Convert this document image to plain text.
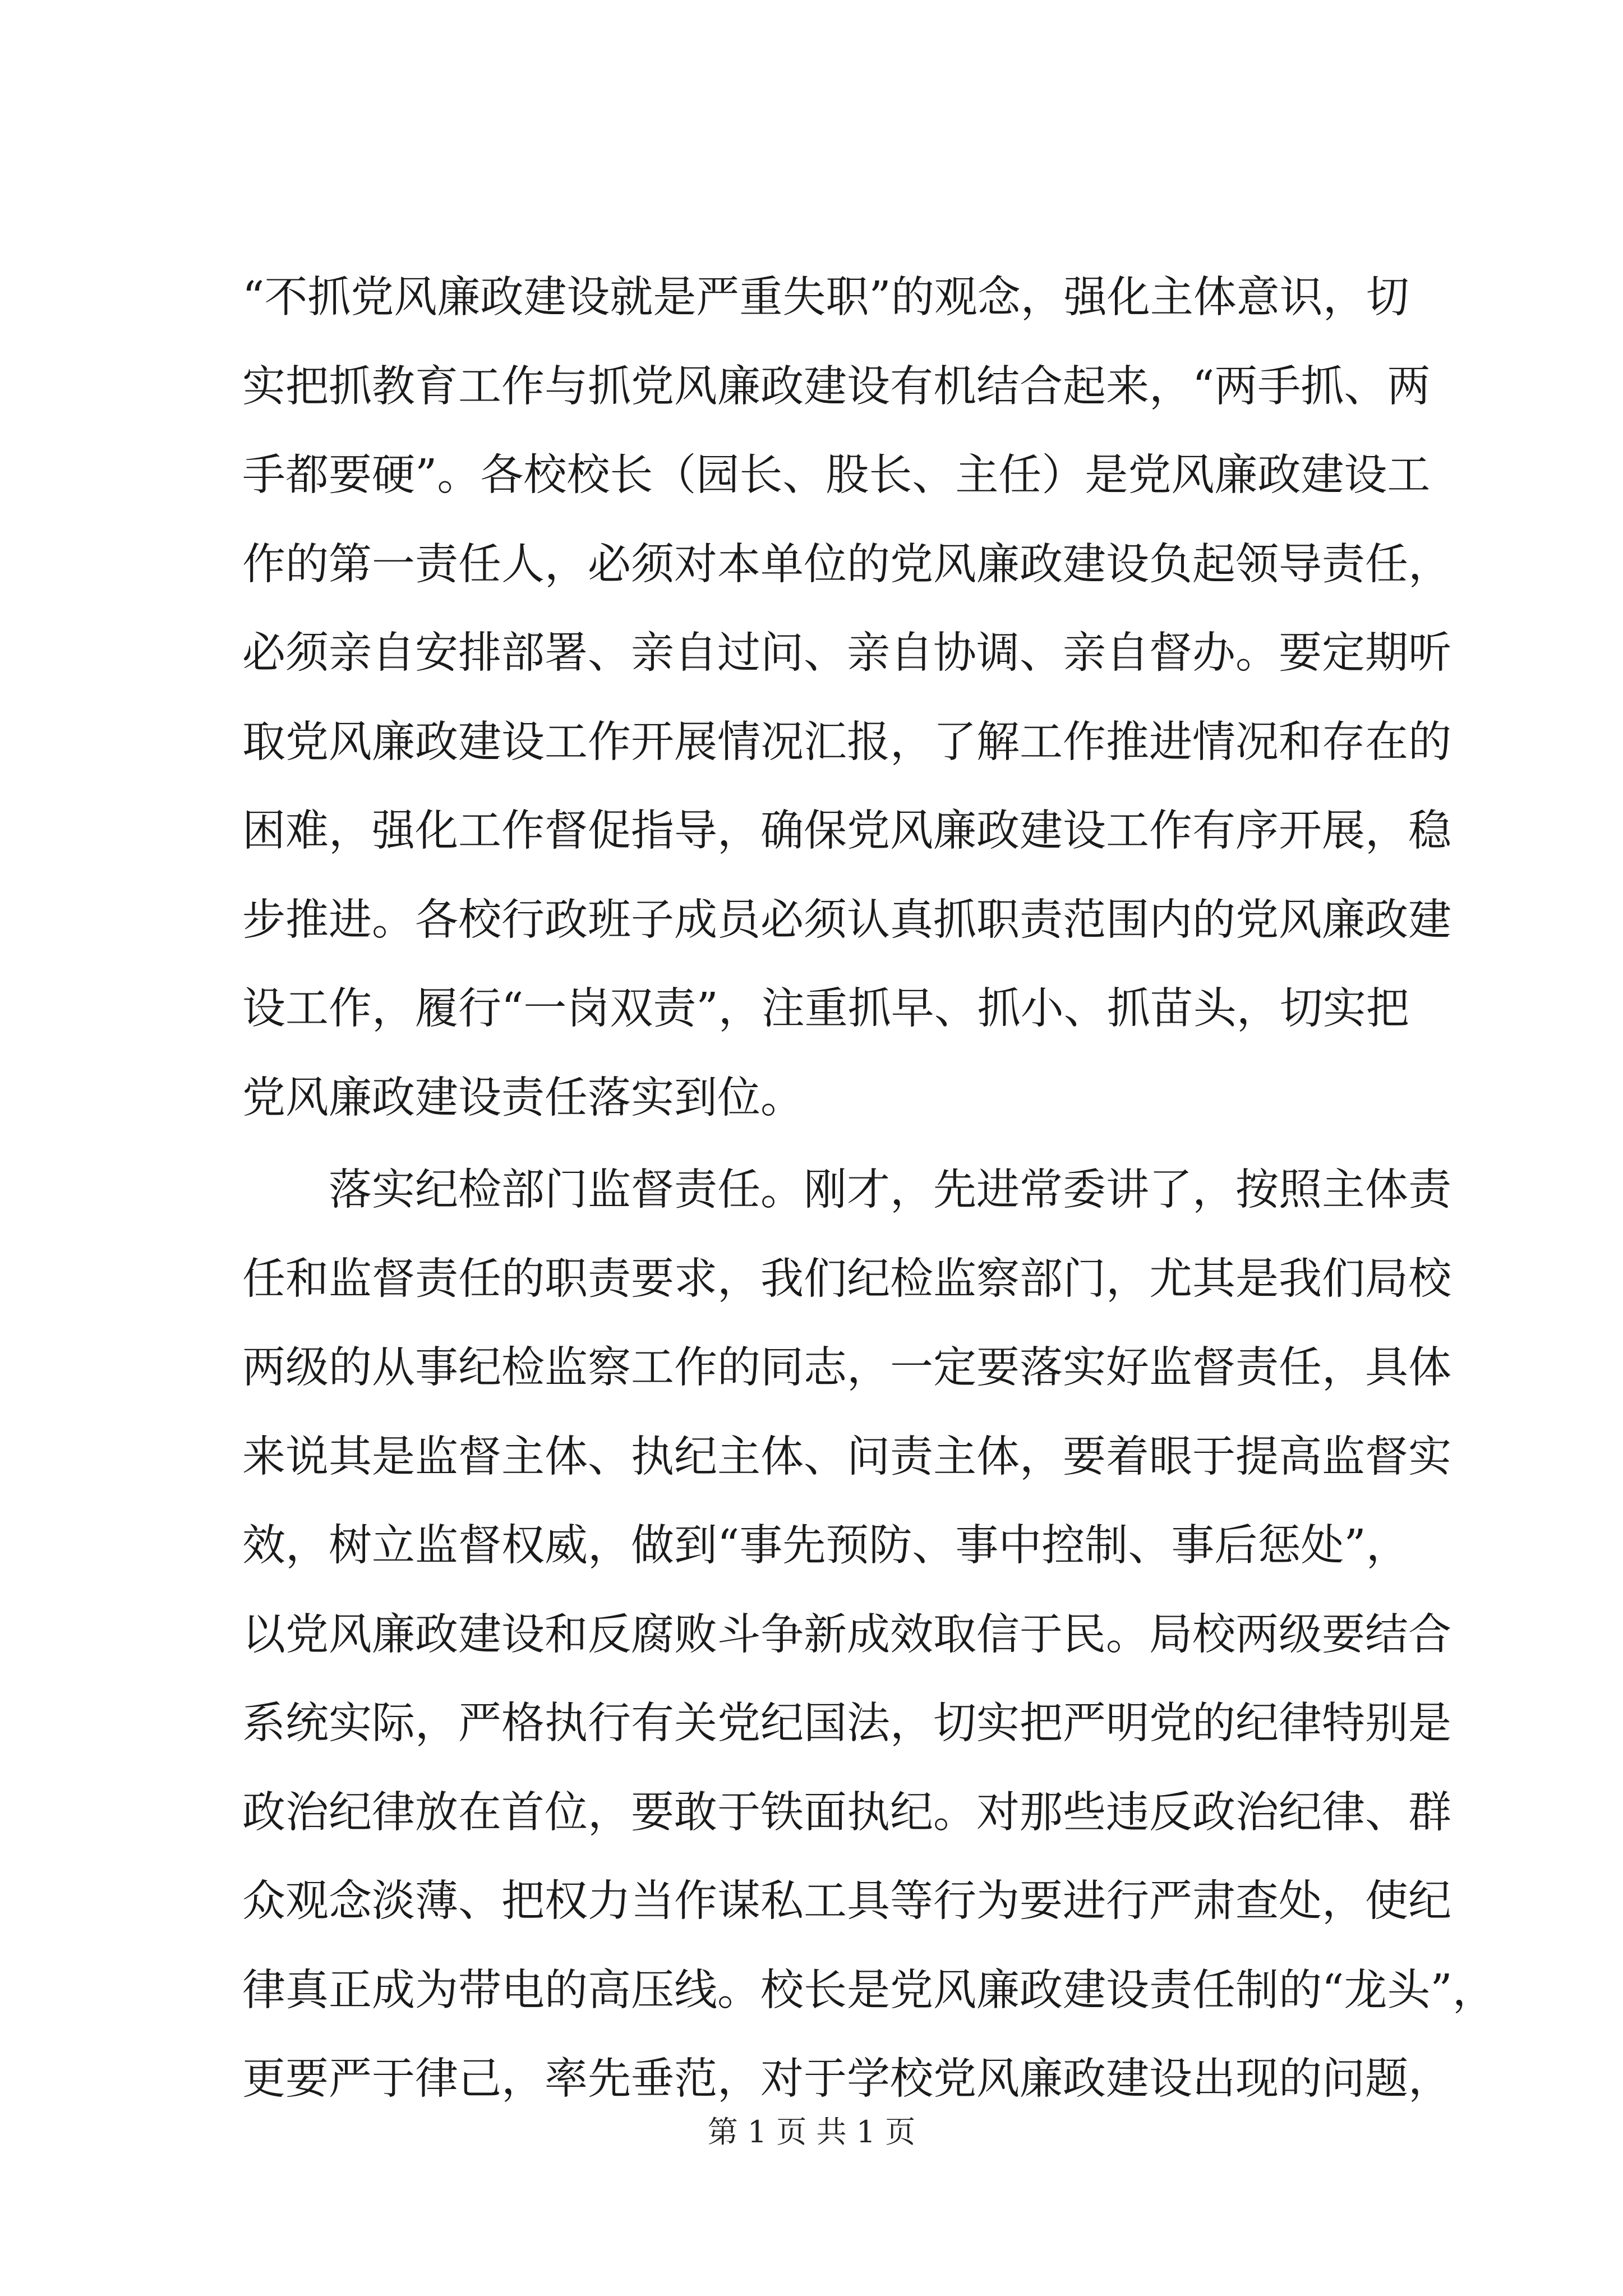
“不抓党风廉政建设就是严重失职”的观念，强化主体意识，切
实把抓教育工作与抓党风廉政建设有机结合起来，“两手抓、两
手都要硬”。各校校长（园长、股长、主任）是党风廉政建设工
作的第一责任人，必须对本单位的党风廉政建设负起领导责任，
必须亲自安排部署、亲自过问、亲自协调、亲自督办。要定期听
取党风廉政建设工作开展情况汇报，了解工作推进情况和存在的
困难，强化工作督促指导，确保党风廉政建设工作有序开展，稳
步推进。各校行政班子成员必须认真抓职责范围内的党风廉政建
设工作，履行“一岗双责”，注重抓早、抓小、抓苗头，切实把
党风廉政建设责任落实到位。
　　落实纪检部门监督责任。刚才，先进常委讲了，按照主体责
任和监督责任的职责要求，我们纪检监察部门，尤其是我们局校
两级的从事纪检监察工作的同志，一定要落实好监督责任，具体
来说其是监督主体、执纪主体、问责主体，要着眼于提高监督实
效，树立监督权威，做到“事先预防、事中控制、事后惩处”，
以党风廉政建设和反腐败斗争新成效取信于民。局校两级要结合
系统实际，严格执行有关党纪国法，切实把严明党的纪律特别是
政治纪律放在首位，要敢于铁面执纪。对那些违反政治纪律、群
众观念淡薄、把权力当作谋私工具等行为要进行严肃查处，使纪
律真正成为带电的高压线。校长是党风廉政建设责任制的“龙头”，
更要严于律己，率先垂范，对于学校党风廉政建设出现的问题，
第 1 页 共 1 页
